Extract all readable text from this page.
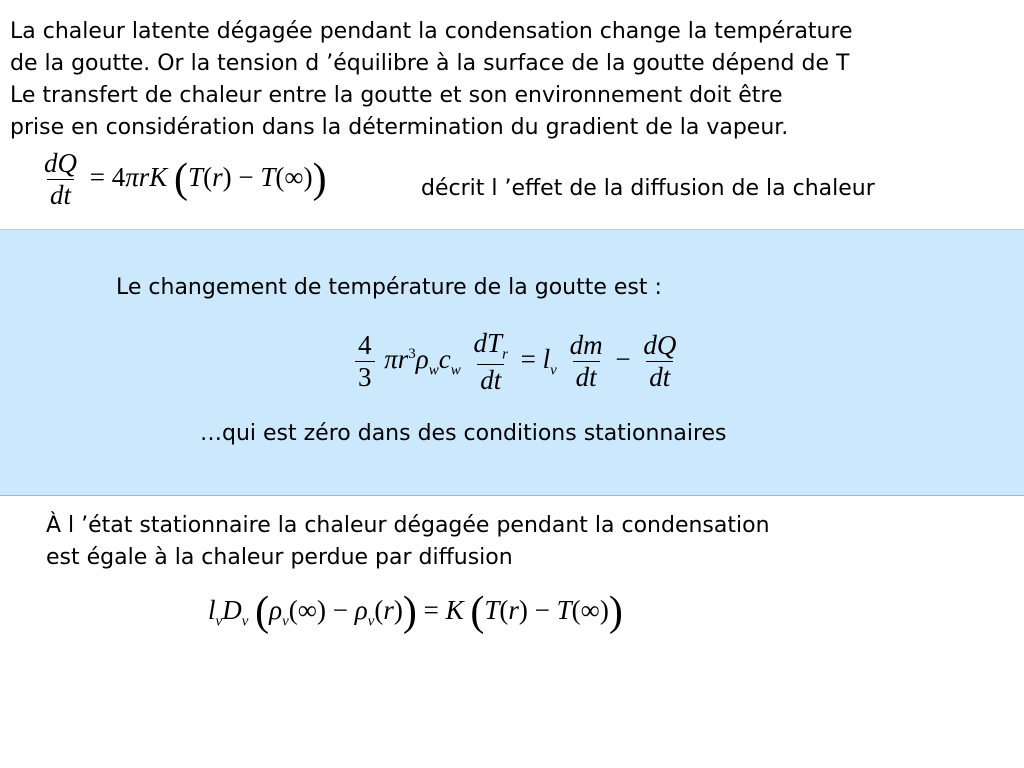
La chaleur latente dégagée pendant la condensation change la température
de la goutte. Or la tension d ’équilibre à la surface de la goutte dépend de T
Le transfert de chaleur entre la goutte et son environnement doit être
prise en considération dans la détermination du gradient de la vapeur.
$\frac{dQ}{dt} = 4\pi rK$ (T(r) − T(∞))	décrit l ’effet de la diffusion de la chaleur
Le changement de température de la goutte est :
$\frac{4}{3} \pi r^3\rho_wc_w \frac{dT_r}{dt} = l_v \frac{dm}{dt} - \frac{dQ}{dt}$
…qui est zéro dans des conditions stationnaires
À l ’état stationnaire la chaleur dégagée pendant la condensation
est égale à la chaleur perdue par diffusion
$l_vD_v$ $(\rho_v(\infty) - \rho_v(r)) = K$ (T(r) − T(∞))
